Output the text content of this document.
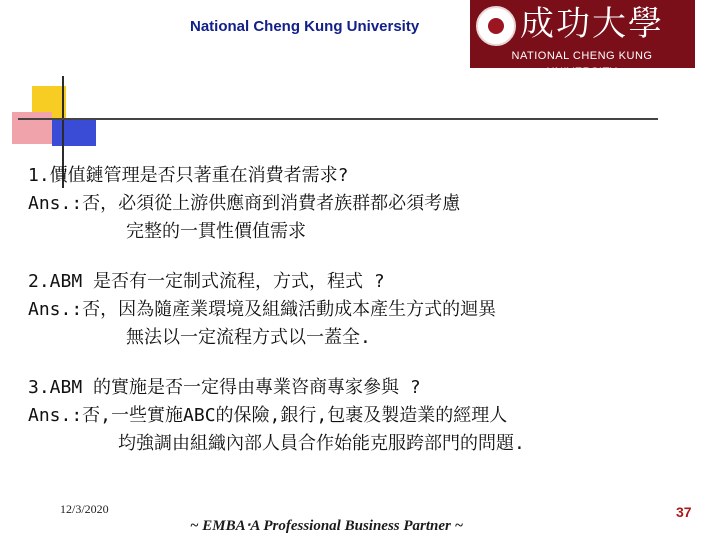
National Cheng Kung University	成功大學
NATIONAL CHENG KUNG UNIVERSITY
1.價值鏈管理是否只著重在消費者需求?
Ans.:否，必須從上游供應商到消費者族群都必須考慮
完整的一貫性價值需求
2.ABM 是否有一定制式流程，方式，程式 ?
Ans.:否，因為隨產業環境及組織活動成本產生方式的迴異
無法以一定流程方式以一蓋全.
3.ABM 的實施是否一定得由專業咨商專家參與 ?
Ans.:否,一些實施ABC的保險,銀行,包裹及製造業的經理人
均強調由組織內部人員合作始能克服跨部門的問題.
12/3/2020
~ EMBA‧A Professional Business Partner ~
37
